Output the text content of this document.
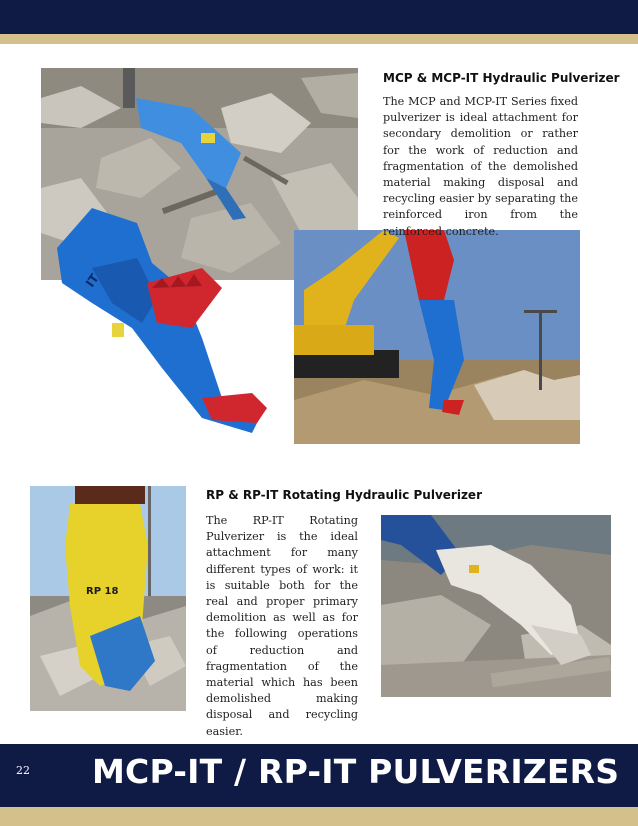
IT
RP 18
MCP & MCP-IT Hydraulic Pulverizer
The MCP and MCP-IT Series fixed pulverizer is ideal attachment for secondary demolition or rather for the work of reduction and fragmentation of the demolished material making disposal and recycling easier by separating the reinforced iron from the reinforced concrete.
RP & RP-IT Rotating Hydraulic Pulverizer
The RP-IT Rotating Pulverizer is the ideal attachment for many different types of work: it is suitable both for the real and proper primary demolition as well as for the following operations of reduction and fragmentation of the material which has been demolished making disposal and recycling easier.
22 MCP-IT / RP-IT PULVERIZERS
